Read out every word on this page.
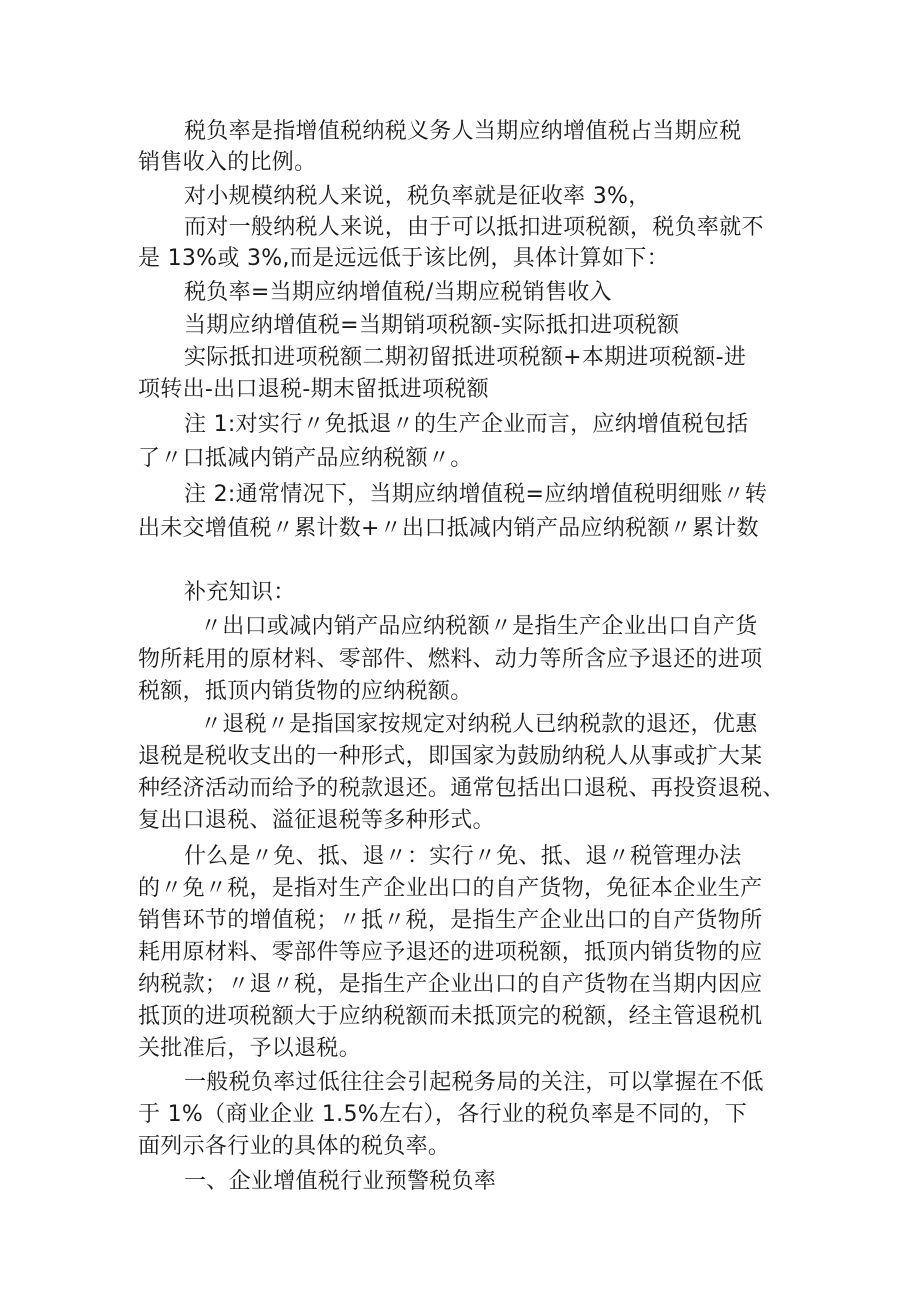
税负率是指增值税纳税义务人当期应纳增值税占当期应税
销售收入的比例。
对小规模纳税人来说，税负率就是征收率 3%，
而对一般纳税人来说，由于可以抵扣进项税额，税负率就不
是 13%或 3%,而是远远低于该比例，具体计算如下：
税负率=当期应纳增值税/当期应税销售收入
当期应纳增值税=当期销项税额-实际抵扣进项税额
实际抵扣进项税额二期初留抵进项税额+本期进项税额-进
项转出-出口退税-期末留抵进项税额
注 1:对实行〃免抵退〃的生产企业而言，应纳增值税包括
了〃口抵减内销产品应纳税额〃。
注 2:通常情况下，当期应纳增值税=应纳增值税明细账〃转
出未交增值税〃累计数+〃出口抵减内销产品应纳税额〃累计数
补充知识：
〃出口或减内销产品应纳税额〃是指生产企业出口自产货
物所耗用的原材料、零部件、燃料、动力等所含应予退还的进项
税额，抵顶内销货物的应纳税额。
〃退税〃是指国家按规定对纳税人已纳税款的退还，优惠
退税是税收支出的一种形式，即国家为鼓励纳税人从事或扩大某
种经济活动而给予的税款退还。通常包括出口退税、再投资退税、
复出口退税、溢征退税等多种形式。
什么是〃免、抵、退〃：实行〃免、抵、退〃税管理办法
的〃免〃税，是指对生产企业出口的自产货物，免征本企业生产
销售环节的增值税；〃抵〃税，是指生产企业出口的自产货物所
耗用原材料、零部件等应予退还的进项税额，抵顶内销货物的应
纳税款；〃退〃税，是指生产企业出口的自产货物在当期内因应
抵顶的进项税额大于应纳税额而未抵顶完的税额，经主管退税机
关批准后，予以退税。
一般税负率过低往往会引起税务局的关注，可以掌握在不低
于 1%（商业企业 1.5%左右），各行业的税负率是不同的，下
面列示各行业的具体的税负率。
一、企业增值税行业预警税负率
